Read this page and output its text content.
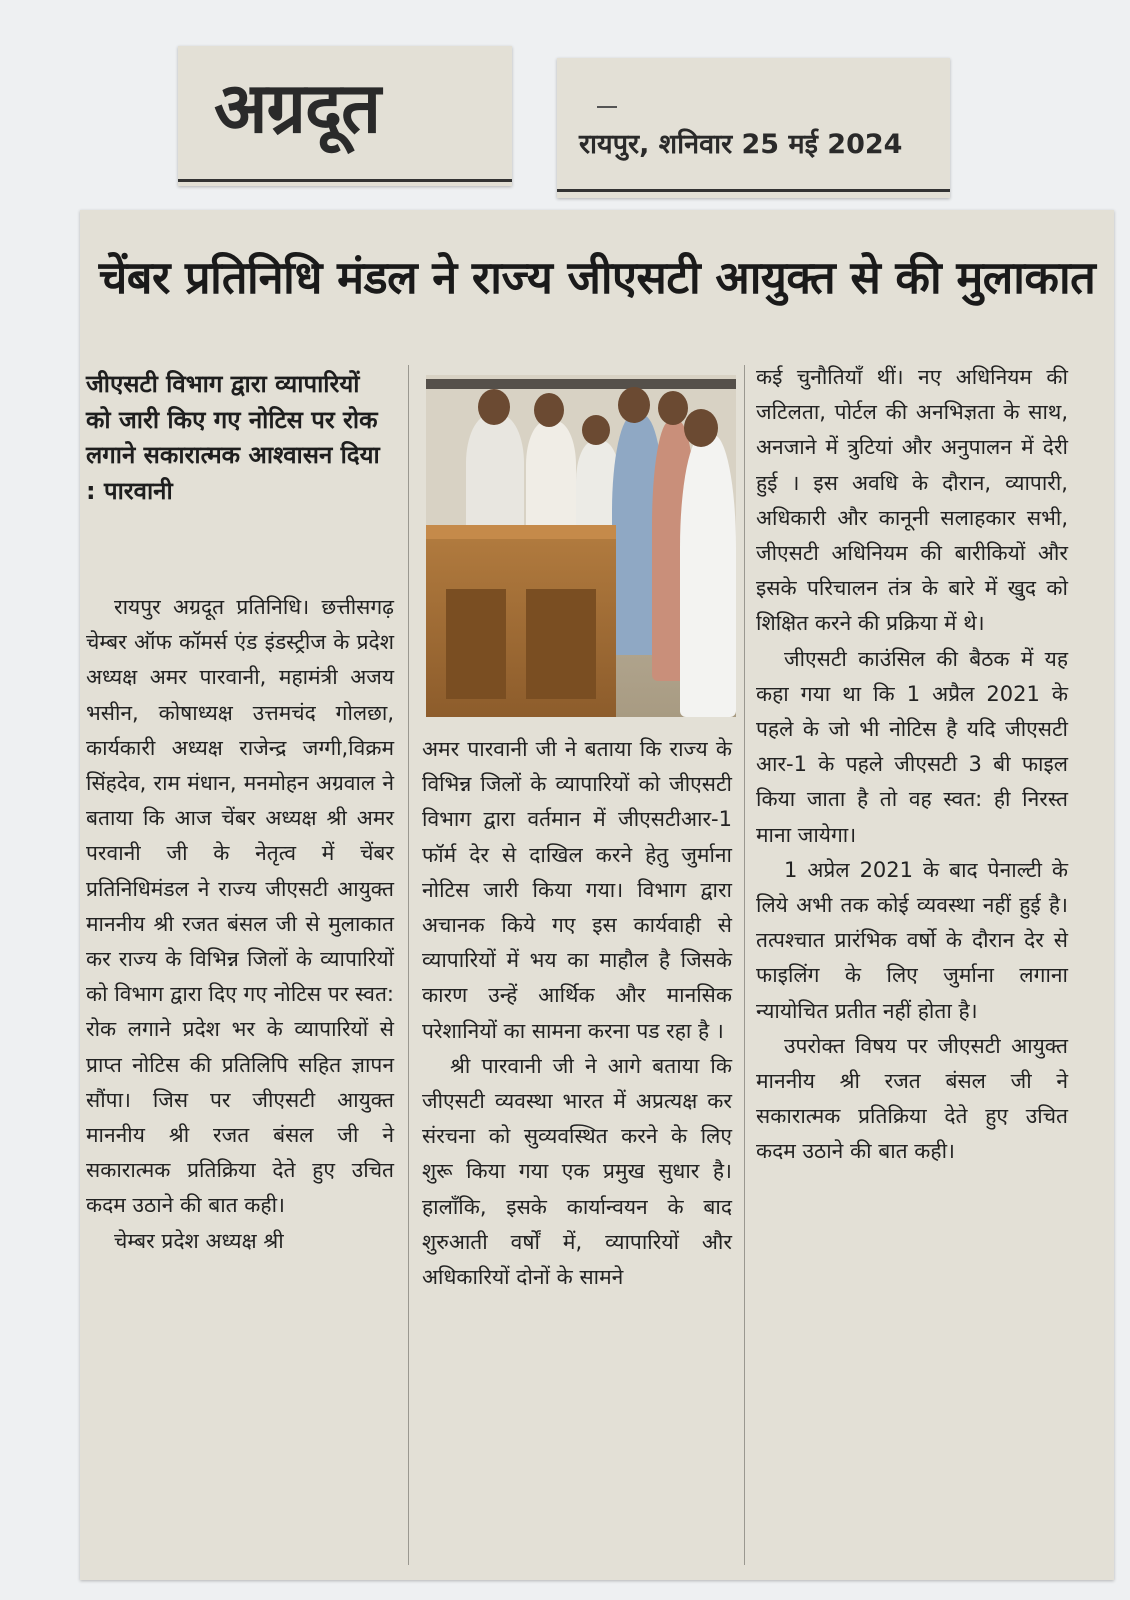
अग्रदूत	रायपुर, शनिवार 25 मई 2024
चेंबर प्रतिनिधि मंडल ने राज्य जीएसटी आयुक्त से की मुलाकात
जीएसटी विभाग द्वारा व्यापारियों को जारी किए गए नोटिस पर रोक लगाने सकारात्मक आश्वासन दिया : पारवानी

रायपुर अग्रदूत प्रतिनिधि। छत्तीसगढ़ चेम्बर ऑफ कॉमर्स एंड इंडस्ट्रीज के प्रदेश अध्यक्ष अमर पारवानी, महामंत्री अजय भसीन, कोषाध्यक्ष उत्तमचंद गोलछा, कार्यकारी अध्यक्ष राजेन्द्र जग्गी,विक्रम सिंहदेव, राम मंधान, मनमोहन अग्रवाल ने बताया कि आज चेंबर अध्यक्ष श्री अमर परवानी जी के नेतृत्व में चेंबर प्रतिनिधिमंडल ने राज्य जीएसटी आयुक्त माननीय श्री रजत बंसल जी से मुलाकात कर राज्य के विभिन्न जिलों के व्यापारियों को विभाग द्वारा दिए गए नोटिस पर स्वत: रोक लगाने प्रदेश भर के व्यापारियों से प्राप्त नोटिस की प्रतिलिपि सहित ज्ञापन सौंपा। जिस पर जीएसटी आयुक्त माननीय श्री रजत बंसल जी ने सकारात्मक प्रतिक्रिया देते हुए उचित कदम उठाने की बात कही।

चेम्बर प्रदेश अध्यक्ष श्री

अमर पारवानी जी ने बताया कि राज्य के विभिन्न जिलों के व्यापारियों को जीएसटी विभाग द्वारा वर्तमान में जीएसटीआर-1 फॉर्म देर से दाखिल करने हेतु जुर्माना नोटिस जारी किया गया। विभाग द्वारा अचानक किये गए इस कार्यवाही से व्यापारियों में भय का माहौल है जिसके कारण उन्हें आर्थिक और मानसिक परेशानियों का सामना करना पड रहा है ।

श्री पारवानी जी ने आगे बताया कि जीएसटी व्यवस्था भारत में अप्रत्यक्ष कर संरचना को सुव्यवस्थित करने के लिए शुरू किया गया एक प्रमुख सुधार है। हालाँकि, इसके कार्यान्वयन के बाद शुरुआती वर्षों में, व्यापारियों और अधिकारियों दोनों के सामने

कई चुनौतियाँ थीं। नए अधिनियम की जटिलता, पोर्टल की अनभिज्ञता के साथ, अनजाने में त्रुटियां और अनुपालन में देरी हुई । इस अवधि के दौरान, व्यापारी, अधिकारी और कानूनी सलाहकार सभी, जीएसटी अधिनियम की बारीकियों और इसके परिचालन तंत्र के बारे में खुद को शिक्षित करने की प्रक्रिया में थे।

जीएसटी काउंसिल की बैठक में यह कहा गया था कि 1 अप्रैल 2021 के पहले के जो भी नोटिस है यदि जीएसटी आर-1 के पहले जीएसटी 3 बी फाइल किया जाता है तो वह स्वत: ही निरस्त माना जायेगा।

1 अप्रेल 2021 के बाद पेनाल्टी के लिये अभी तक कोई व्यवस्था नहीं हुई है। तत्पश्चात प्रारंभिक वर्षो के दौरान देर से फाइलिंग के लिए जुर्माना लगाना न्यायोचित प्रतीत नहीं होता है।

उपरोक्त विषय पर जीएसटी आयुक्त माननीय श्री रजत बंसल जी ने सकारात्मक प्रतिक्रिया देते हुए उचित कदम उठाने की बात कही।
